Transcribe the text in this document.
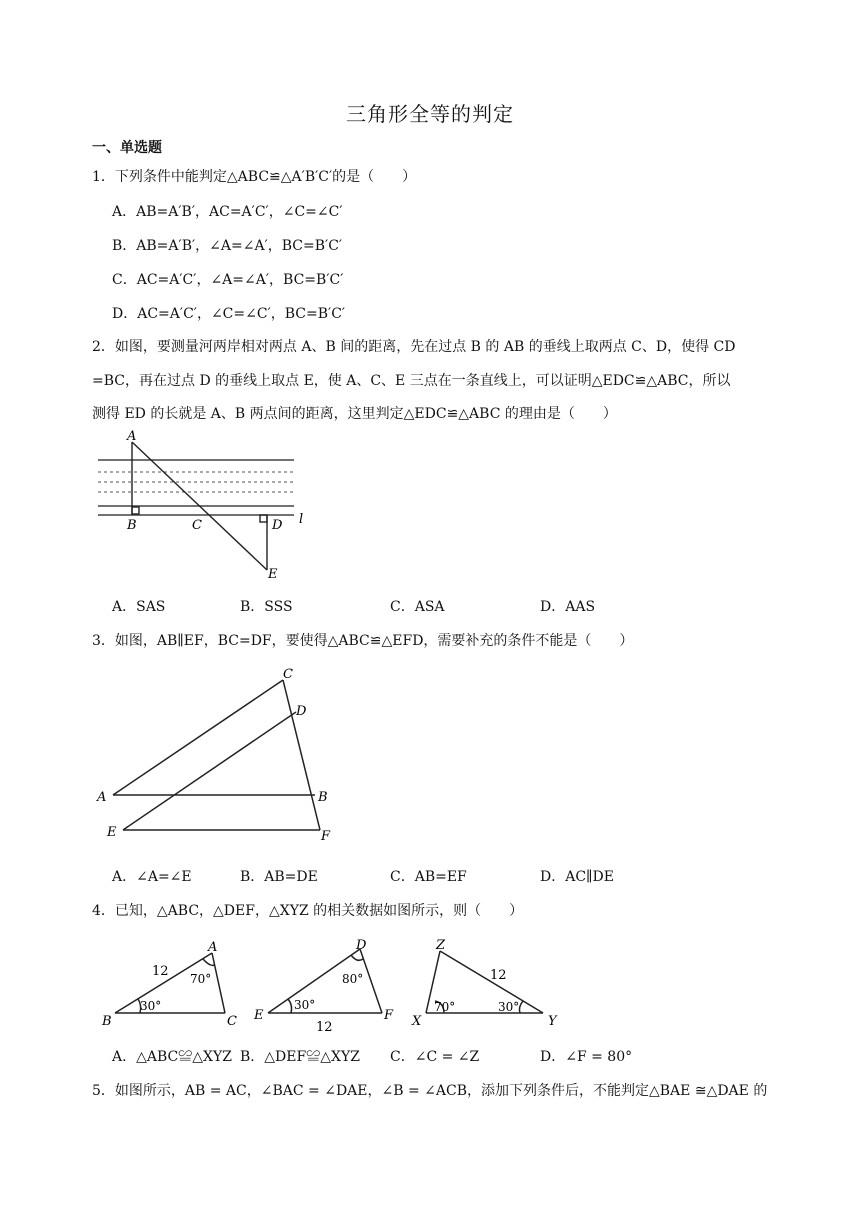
三角形全等的判定
一、单选题
1．下列条件中能判定△ABC≌△A′B′C′的是（　　）
A．AB=A′B′，AC=A′C′，∠C=∠C′
B．AB=A′B′，∠A=∠A′，BC=B′C′
C．AC=A′C′，∠A=∠A′，BC=B′C′
D．AC=A′C′，∠C=∠C′，BC=B′C′
2．如图，要测量河两岸相对两点 A、B 间的距离，先在过点 B 的 AB 的垂线上取两点 C、D，使得 CD
=BC，再在过点 D 的垂线上取点 E，使 A、C、E 三点在一条直线上，可以证明△EDC≌△ABC，所以
测得 ED 的长就是 A、B 两点间的距离，这里判定△EDC≌△ABC 的理由是（　　）
A
B	C	D
E
l
A．SAS	B．SSS	C．ASA	D．AAS
3．如图，AB∥EF，BC=DF，要使得△ABC≌△EFD，需要补充的条件不能是（　　）
A	B
C
D
E	F
A．∠A=∠E	B．AB=DE	C．AB=EF	D．AC∥DE
4．已知，△ABC，△DEF，△XYZ 的相关数据如图所示，则（　　）
A
B	C
12 70°
30°
D
E	F
12
80°
30°
Z
X	Y
12
70°	30°
A．△ABC≌△XYZ B．△DEF≌△XYZ C．∠C = ∠Z	D．∠F = 80°
5．如图所示，AB = AC，∠BAC = ∠DAE，∠B = ∠ACB，添加下列条件后，不能判定△BAE ≅△DAE 的
